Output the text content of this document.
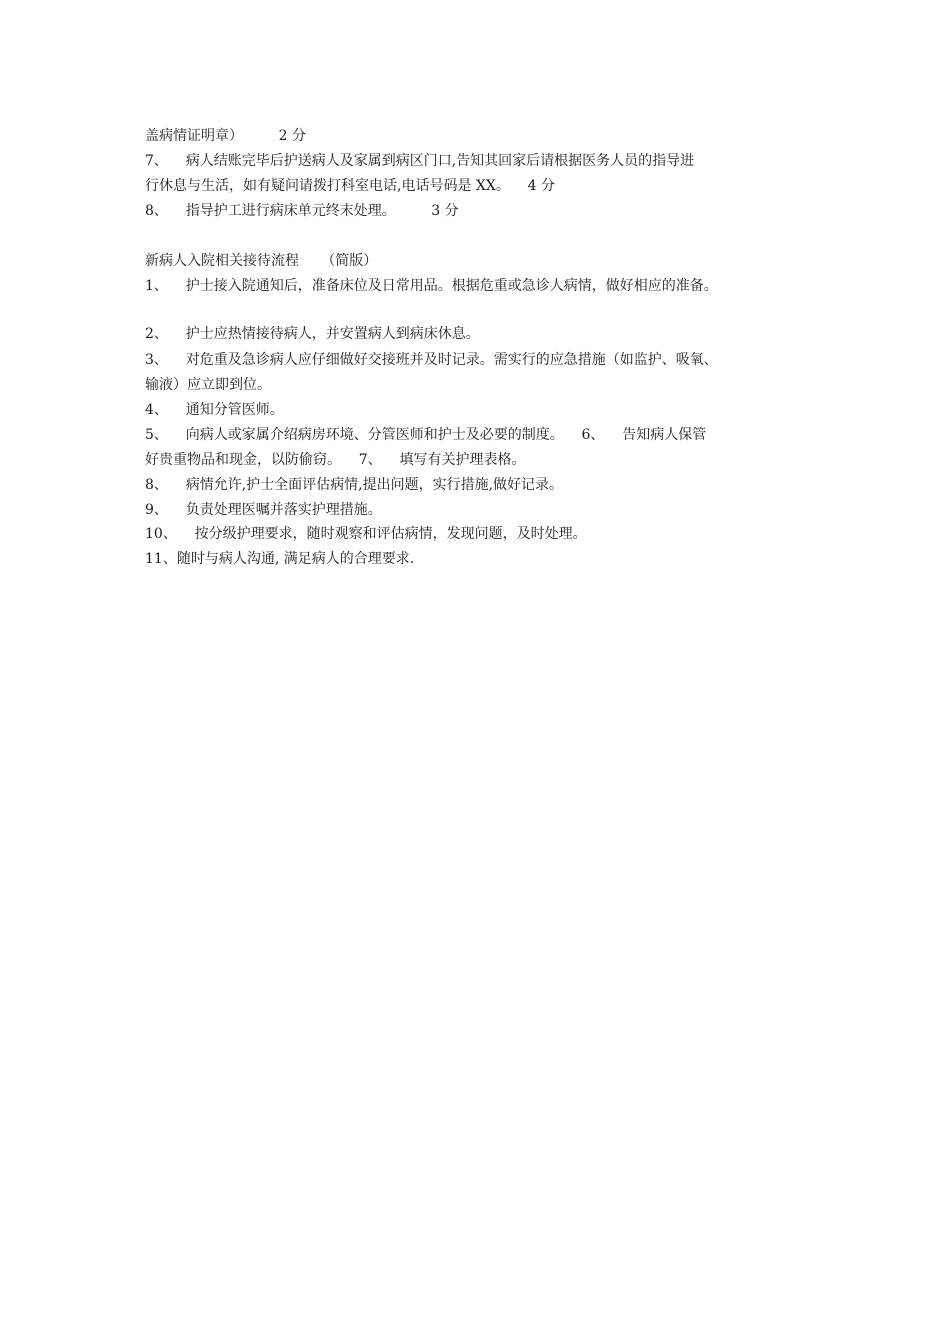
盖病情证明章）        2 分
7、    病人结账完毕后护送病人及家属到病区门口,告知其回家后请根据医务人员的指导进
行休息与生活，如有疑问请拨打科室电话,电话号码是 XX。    4 分
8、    指导护工进行病床单元终末处理。        3 分
新病人入院相关接待流程     （简版）
1、    护士接入院通知后，准备床位及日常用品。根据危重或急诊人病情，做好相应的准备。
2、    护士应热情接待病人，并安置病人到病床休息。
3、    对危重及急诊病人应仔细做好交接班并及时记录。需实行的应急措施（如监护、吸氧、
输液）应立即到位。
4、    通知分管医师。
5、    向病人或家属介绍病房环境、分管医师和护士及必要的制度。    6、    告知病人保管
好贵重物品和现金，以防偷窃。    7、    填写有关护理表格。
8、    病情允许,护士全面评估病情,提出问题，实行措施,做好记录。
9、    负责处理医嘱并落实护理措施。
10、    按分级护理要求，随时观察和评估病情，发现问题，及时处理。
11、随时与病人沟通, 满足病人的合理要求.
